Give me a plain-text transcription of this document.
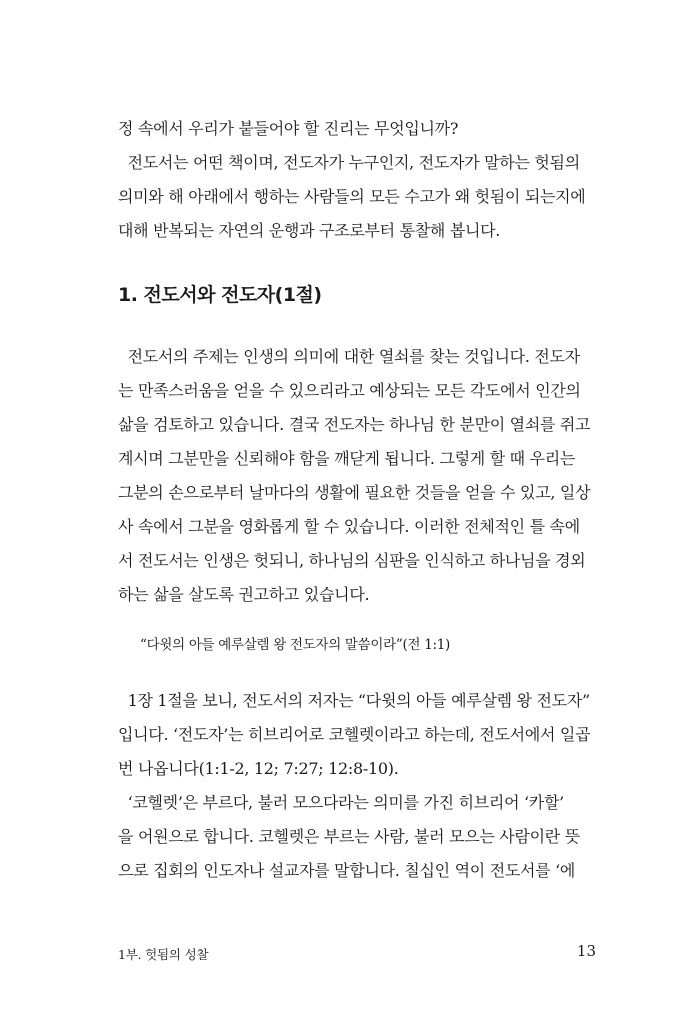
정 속에서 우리가 붙들어야 할 진리는 무엇입니까?
전도서는 어떤 책이며, 전도자가 누구인지, 전도자가 말하는 헛됨의
의미와 해 아래에서 행하는 사람들의 모든 수고가 왜 헛됨이 되는지에
대해 반복되는 자연의 운행과 구조로부터 통찰해 봅니다.
1. 전도서와 전도자(1절)
전도서의 주제는 인생의 의미에 대한 열쇠를 찾는 것입니다. 전도자
는 만족스러움을 얻을 수 있으리라고 예상되는 모든 각도에서 인간의
삶을 검토하고 있습니다. 결국 전도자는 하나님 한 분만이 열쇠를 쥐고
계시며 그분만을 신뢰해야 함을 깨닫게 됩니다. 그렇게 할 때 우리는
그분의 손으로부터 날마다의 생활에 필요한 것들을 얻을 수 있고, 일상
사 속에서 그분을 영화롭게 할 수 있습니다. 이러한 전체적인 틀 속에
서 전도서는 인생은 헛되니, 하나님의 심판을 인식하고 하나님을 경외
하는 삶을 살도록 권고하고 있습니다.
“다윗의 아들 예루살렘 왕 전도자의 말씀이라”(전 1:1)
1장 1절을 보니, 전도서의 저자는 “다윗의 아들 예루살렘 왕 전도자”
입니다. ‘전도자’는 히브리어로 코헬렛이라고 하는데, 전도서에서 일곱
번 나옵니다(1:1-2, 12; 7:27; 12:8-10).
‘코헬렛’은 부르다, 불러 모으다라는 의미를 가진 히브리어 ‘카할’
을 어원으로 합니다. 코헬렛은 부르는 사람, 불러 모으는 사람이란 뜻
으로 집회의 인도자나 설교자를 말합니다. 칠십인 역이 전도서를 ‘에
1부. 헛됨의 성찰	13
